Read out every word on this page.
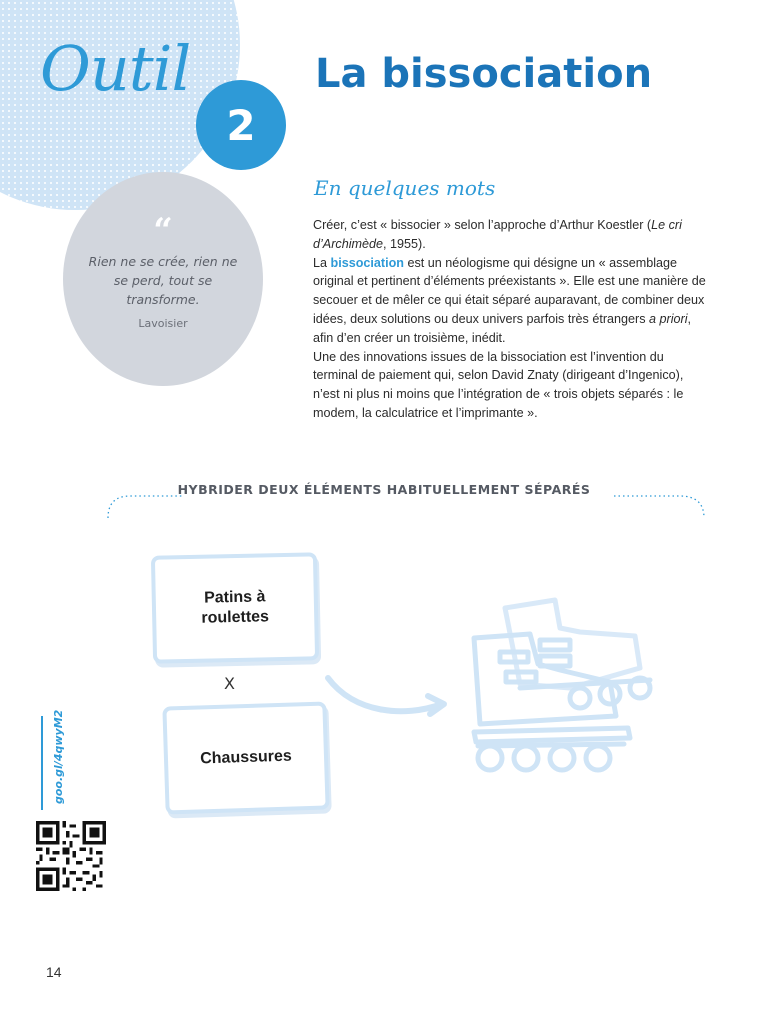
Outil
2
La bissociation
“
Rien ne se crée, rien ne se perd, tout se transforme.
Lavoisier
En quelques mots

Créer, c’est « bissocier » selon l’approche d’Arthur Koestler (Le cri d’Archimède, 1955).

La bissociation est un néologisme qui désigne un « assemblage original et pertinent d’éléments préexistants ». Elle est une manière de secouer et de mêler ce qui était séparé auparavant, de combiner deux idées, deux solutions ou deux univers parfois très étrangers a priori, afin d’en créer un troisième, inédit.

Une des innovations issues de la bissociation est l’invention du terminal de paiement qui, selon David Znaty (dirigeant d’Ingenico), n’est ni plus ni moins que l’intégration de « trois objets séparés : le modem, la calculatrice et l’imprimante ».

HYBRIDER DEUX ÉLÉMENTS HABITUELLEMENT SÉPARÉS
Patins à roulettes
X
Chaussures
goo.gl/4qwyM2
14
